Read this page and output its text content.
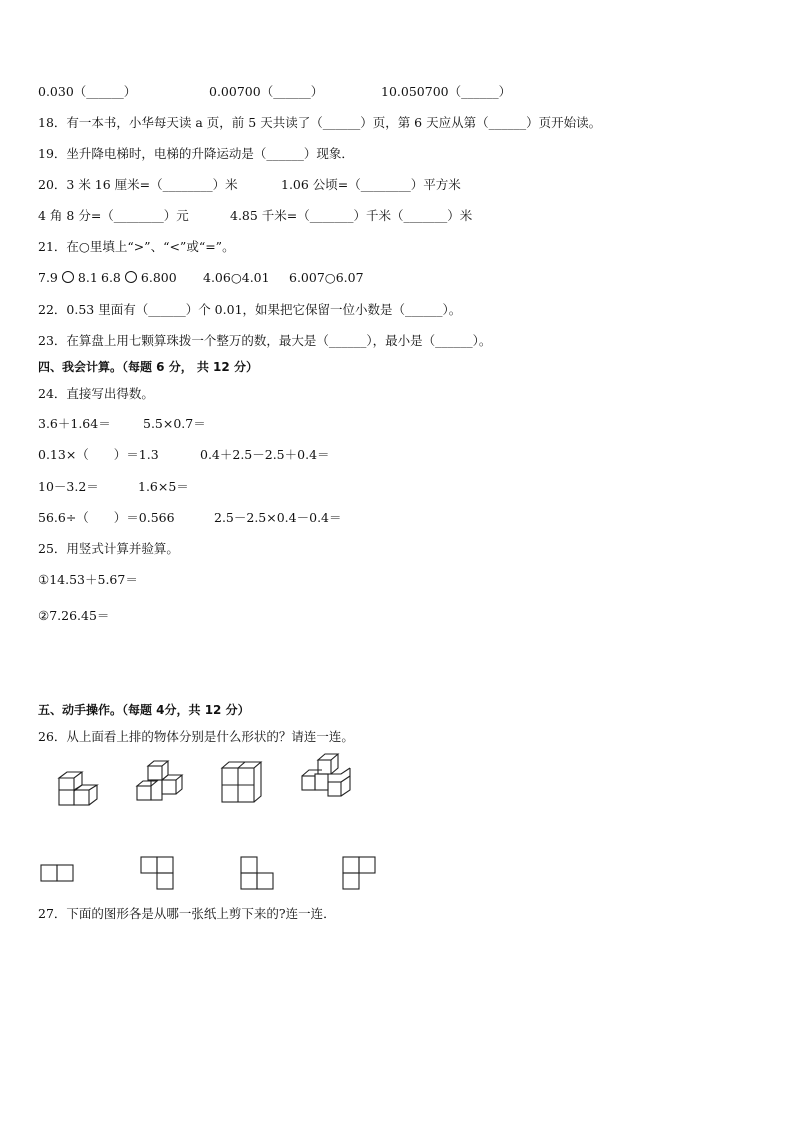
0.030（______）	0.00700（______）	10.050700（______）
18．有一本书，小华每天读 a 页，前 5 天共读了（______）页，第 6 天应从第（______）页开始读。
19．坐升降电梯时，电梯的升降运动是（______）现象．
20．3 米 16 厘米=（________）米	1.06 公顷=（________）平方米
4 角 8 分=（________）元	4.85 千米=（_______）千米（_______）米
21．在○里填上“>”、“<”或“=”。
7.9 8.1 6.8 6.800 4.06○4.01 6.007○6.07
22．0.53 里面有（______）个 0.01，如果把它保留一位小数是（______）。
23．在算盘上用七颗算珠拨一个整万的数，最大是（______），最小是（______）。
四、我会计算。（每题 6 分， 共 12 分）
24．直接写出得数。
3.6＋1.64＝	5.5×0.7＝
0.13×（　　）＝1.3	0.4＋2.5－2.5＋0.4＝
10－3.2＝	1.6×5＝
56.6÷（　　）＝0.566	2.5－2.5×0.4－0.4＝
25．用竖式计算并验算。
①14.53＋5.67＝
②7.26.45＝
五、动手操作。（每题 4分，共 12 分）
26．从上面看上排的物体分别是什么形状的？请连一连。
27．下面的图形各是从哪一张纸上剪下来的?连一连．
